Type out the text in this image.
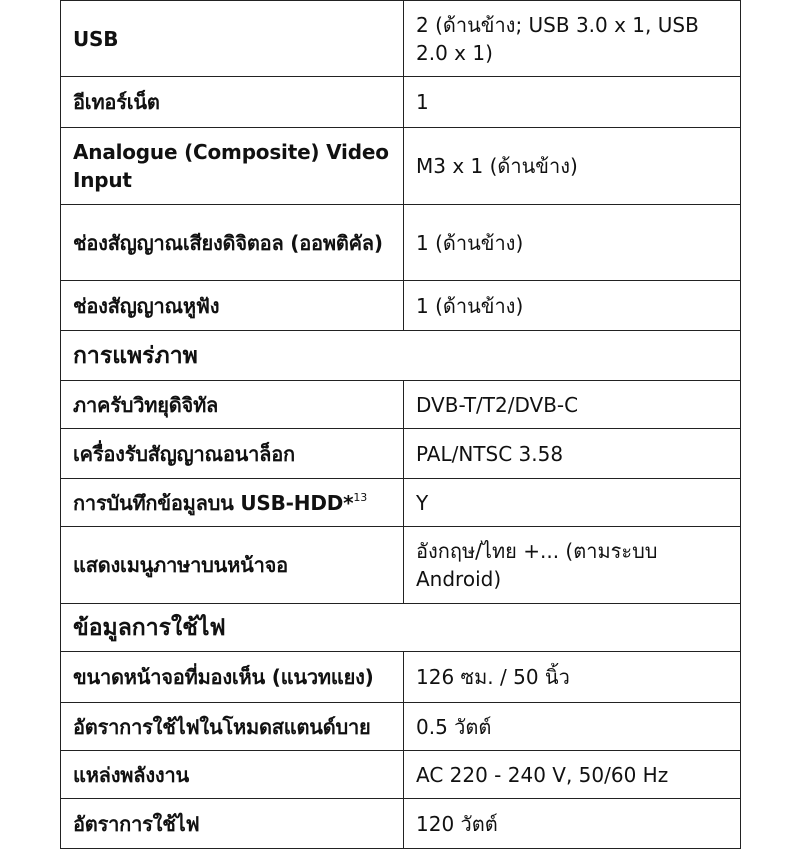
USB	2 (ด้านข้าง; USB 3.0 x 1, USB 2.0 x 1)
อีเทอร์เน็ต	1
Analogue (Composite) Video Input	M3 x 1 (ด้านข้าง)
ช่องสัญญาณเสียงดิจิตอล (ออพติคัล)	1 (ด้านข้าง)
ช่องสัญญาณหูฟัง	1 (ด้านข้าง)
การแพร่ภาพ	
ภาครับวิทยุดิจิทัล	DVB-T/T2/DVB-C
เครื่องรับสัญญาณอนาล็อก	PAL/NTSC 3.58
การบันทึกข้อมูลบน USB-HDD*$^{13}$	Y
แสดงเมนูภาษาบนหน้าจอ	อังกฤษ/ไทย +... (ตามระบบ Android)
ข้อมูลการใช้ไฟ	
ขนาดหน้าจอที่มองเห็น (แนวทแยง)	126 ซม. / 50 นิ้ว
อัตราการใช้ไฟในโหมดสแตนด์บาย	0.5 วัตต์
แหล่งพลังงาน	AC 220 - 240 V, 50/60 Hz
อัตราการใช้ไฟ	120 วัตต์
